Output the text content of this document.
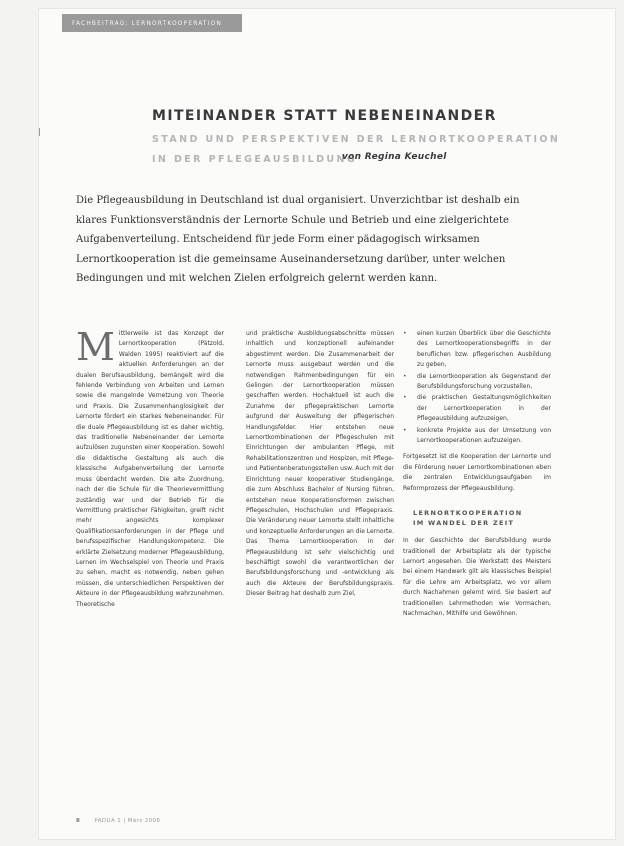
FACHBEITRAG: LERNORTKOOPERATION
MITEINANDER STATT NEBENEINANDER
STAND UND PERSPEKTIVEN DER LERNORTKOOPERATION
IN DER PFLEGEAUSBILDUNG
von Regina Keuchel
Die Pflegeausbildung in Deutschland ist dual organisiert. Unverzichtbar ist deshalb ein klares Funktionsverständnis der Lernorte Schule und Betrieb und eine zielgerichtete Aufgabenverteilung. Entscheidend für jede Form einer pädagogisch wirksamen Lernortkooperation ist die gemeinsame Auseinandersetzung darüber, unter welchen Bedingungen und mit welchen Zielen erfolgreich gelernt werden kann.
M ittlerweile ist das Konzept der Lernortkooperation (Pätzold, Walden 1995) reaktiviert auf die aktuellen Anforderungen an der dualen Berufsausbildung, bemängelt wird die fehlende Verbindung von Arbeiten und Lernen sowie die mangelnde Vernetzung von Theorie und Praxis. Die Zusammenhanglosigkeit der Lernorte fördert ein starkes Nebeneinander. Für die duale Pflegeausbildung ist es daher wichtig, das traditionelle Nebeneinander der Lernorte aufzulösen zugunsten einer Kooperation. Sowohl die didaktische Gestaltung als auch die klassische Aufgabenverteilung der Lernorte muss überdacht werden. Die alte Zuordnung, nach der die Schule für die Theorievermittlung zuständig war und der Betrieb für die Vermittlung praktischer Fähigkeiten, greift nicht mehr angesichts komplexer Qualifikationsanforderungen in der Pflege und berufsspezifischer Handlungskompetenz. Die erklärte Zielsetzung moderner Pflegeausbildung, Lernen im Wechselspiel von Theorie und Praxis zu sehen, macht es notwendig, neben gehen müssen, die unterschiedlichen Perspektiven der Akteure in der Pflegeausbildung wahrzunehmen. Theoretische
und praktische Ausbildungsabschnitte müssen inhaltlich und konzeptionell aufeinander abgestimmt werden. Die Zusammenarbeit der Lernorte muss ausgebaut werden und die notwendigen Rahmenbedingungen für ein Gelingen der Lernortkooperation müssen geschaffen werden. Hochaktuell ist auch die Zunahme der pflegepraktischen Lernorte aufgrund der Ausweitung der pflegerischen Handlungsfelder. Hier entstehen neue Lernortkombinationen der Pflegeschulen mit Einrichtungen der ambulanten Pflege, mit Rehabilitationszentren und Hospizen, mit Pflege- und Patientenberatungsstellen usw. Auch mit der Einrichtung neuer kooperativer Studiengänge, die zum Abschluss Bachelor of Nursing führen, entstehen neue Kooperationsformen zwischen Pflegeschulen, Hochschulen und Pflegepraxis. Die Veränderung neuer Lernorte stellt inhaltliche und konzeptuelle Anforderungen an die Lernorte. Das Thema Lernortkooperation in der Pflegeausbildung ist sehr vielschichtig und beschäftigt sowohl die verantwortlichen der Berufsbildungsforschung und -entwicklung als auch die Akteure der Berufsbildungspraxis. Dieser Beitrag hat deshalb zum Ziel,
• einen kurzen Überblick über die Geschichte des Lernortkooperationsbegriffs in der beruflichen bzw. pflegerischen Ausbildung zu geben,
• die Lernortkooperation als Gegenstand der Berufsbildungsforschung vorzustellen,
• die praktischen Gestaltungsmöglichkeiten der Lernortkooperation in der Pflegeausbildung aufzuzeigen,
• konkrete Projekte aus der Umsetzung von Lernortkooperationen aufzuzeigen.
Fortgesetzt ist die Kooperation der Lernorte und die Förderung neuer Lernortkombinationen eben die zentralen Entwicklungsaufgaben im Reformprozess der Pflegeausbildung.
LERNORTKOOPERATION
IM WANDEL DER ZEIT
In der Geschichte der Berufsbildung wurde traditionell der Arbeitsplatz als der typische Lernort angesehen. Die Werkstatt des Meisters bei einem Handwerk gilt als klassisches Beispiel für die Lehre am Arbeitsplatz, wo vor allem durch Nachahmen gelernt wird. Sie basiert auf traditionellen Lehrmethoden wie Vormachen, Nachmachen, Mithilfe und Gewöhnen.
8	PADUA 1 | März 2006
